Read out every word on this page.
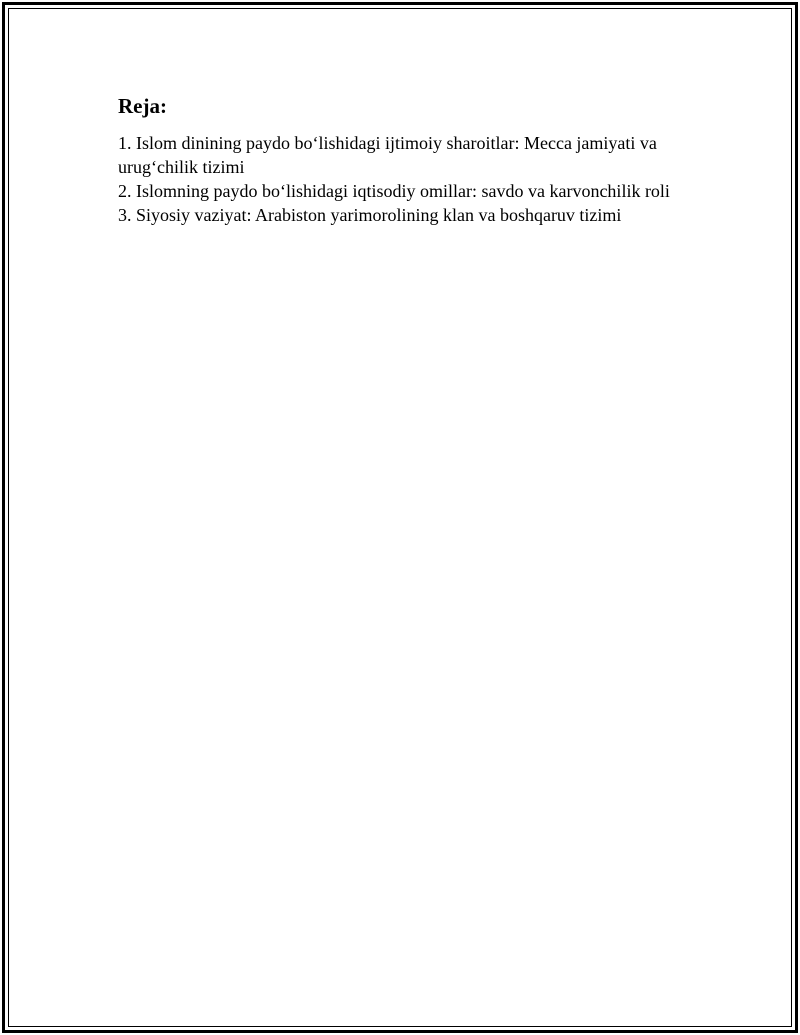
Reja:
1. Islom dinining paydo bo‘lishidagi ijtimoiy sharoitlar: Mecca jamiyati va urug‘chilik tizimi
2. Islomning paydo bo‘lishidagi iqtisodiy omillar: savdo va karvonchilik roli
3. Siyosiy vaziyat: Arabiston yarimorolining klan va boshqaruv tizimi
